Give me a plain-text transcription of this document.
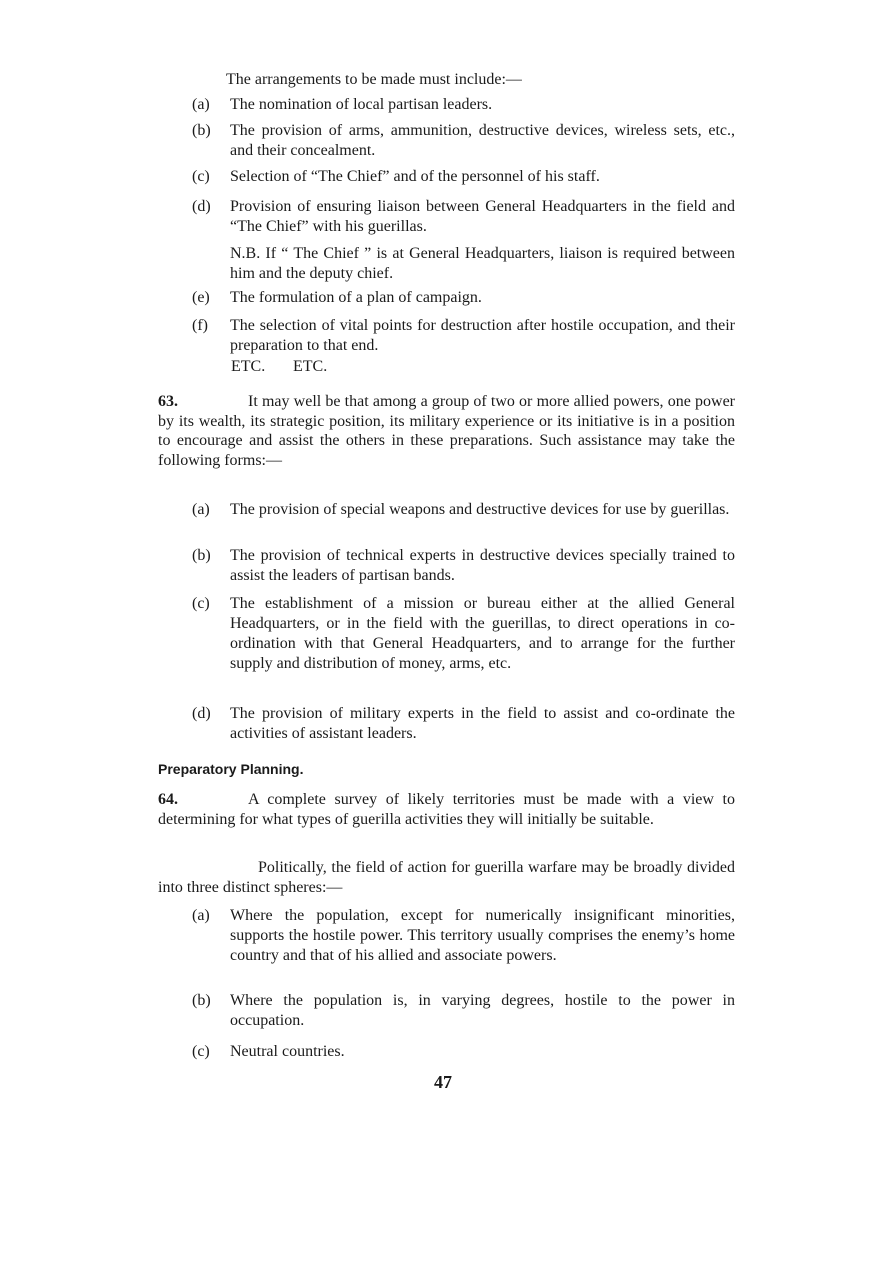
The arrangements to be made must include:—

(a)	The nomination of local partisan leaders.
(b)	The provision of arms, ammunition, destructive devices, wireless sets, etc., and their concealment.
(c)	Selection of “The Chief” and of the personnel of his staff.
(d)	Provision of ensuring liaison between General Headquarters in the field and “The Chief” with his guerillas.

N.B. If “ The Chief ” is at General Headquarters, liaison is required between him and the deputy chief.

(e)	The formulation of a plan of campaign.
(f)	The selection of vital points for destruction after hostile occupation, and their preparation to that end.

ETC. ETC.

63.	It may well be that among a group of two or more allied powers, one power by its wealth, its strategic position, its military experience or its initiative is in a position to encourage and assist the others in these preparations. Such assistance may take the following forms:—

(a)	The provision of special weapons and destructive devices for use by guerillas.
(b)	The provision of technical experts in destructive devices specially trained to assist the leaders of partisan bands.
(c)	The establishment of a mission or bureau either at the allied General Headquarters, or in the field with the guerillas, to direct operations in co-ordination with that General Headquarters, and to arrange for the further supply and distribution of money, arms, etc.
(d)	The provision of military experts in the field to assist and co-ordinate the activities of assistant leaders.

Preparatory Planning.

64.	A complete survey of likely territories must be made with a view to determining for what types of guerilla activities they will initially be suitable.

Politically, the field of action for guerilla warfare may be broadly divided into three distinct spheres:—

(a)	Where the population, except for numerically insignificant minorities, supports the hostile power. This territory usually comprises the enemy’s home country and that of his allied and associate powers.
(b)	Where the population is, in varying degrees, hostile to the power in occupation.
(c)	Neutral countries.

47
